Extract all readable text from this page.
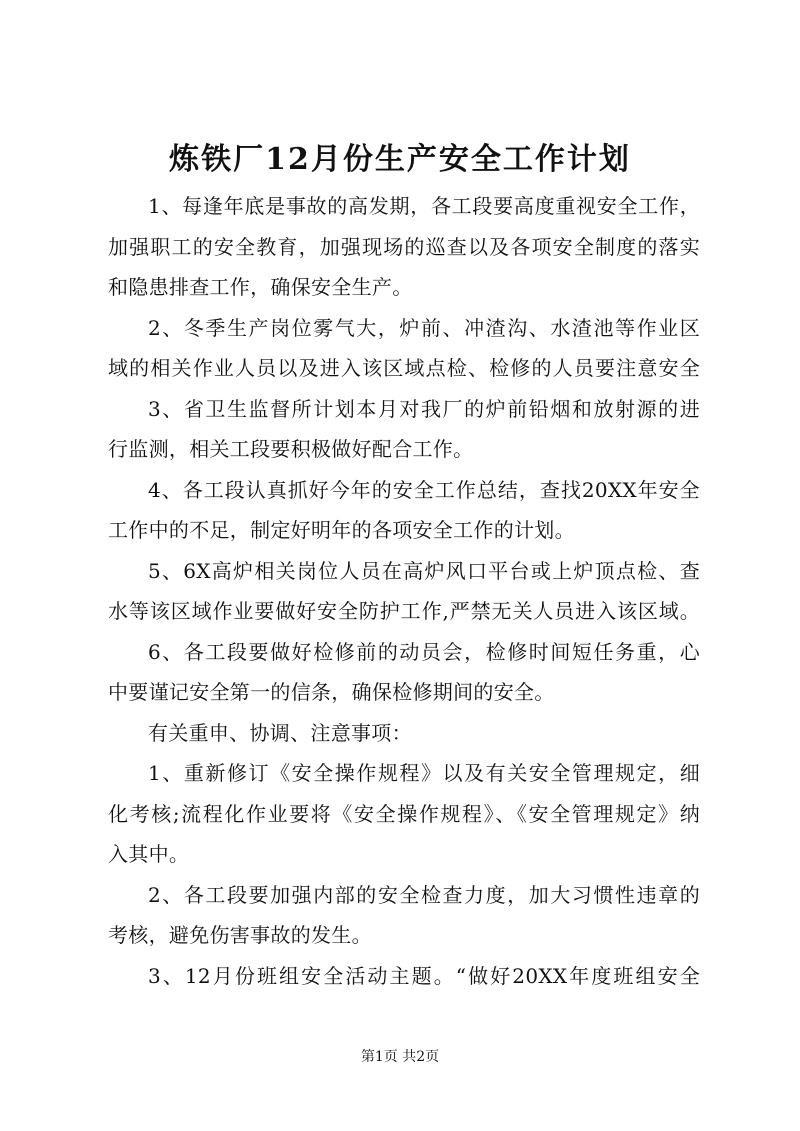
炼铁厂12月份生产安全工作计划
1、每逢年底是事故的高发期，各工段要高度重视安全工作，
加强职工的安全教育，加强现场的巡查以及各项安全制度的落实
和隐患排查工作，确保安全生产。
2、冬季生产岗位雾气大，炉前、冲渣沟、水渣池等作业区
域的相关作业人员以及进入该区域点检、检修的人员要注意安全
3、省卫生监督所计划本月对我厂的炉前铅烟和放射源的进
行监测，相关工段要积极做好配合工作。
4、各工段认真抓好今年的安全工作总结，查找20XX年安全
工作中的不足，制定好明年的各项安全工作的计划。
5、6X高炉相关岗位人员在高炉风口平台或上炉顶点检、查
水等该区域作业要做好安全防护工作,严禁无关人员进入该区域。
6、各工段要做好检修前的动员会，检修时间短任务重，心
中要谨记安全第一的信条，确保检修期间的安全。
有关重申、协调、注意事项：
1、重新修订《安全操作规程》以及有关安全管理规定，细
化考核;流程化作业要将《安全操作规程》、《安全管理规定》纳
入其中。
2、各工段要加强内部的安全检查力度，加大习惯性违章的
考核，避免伤害事故的发生。
3、12月份班组安全活动主题。“做好20XX年度班组安全
第1页 共2页
